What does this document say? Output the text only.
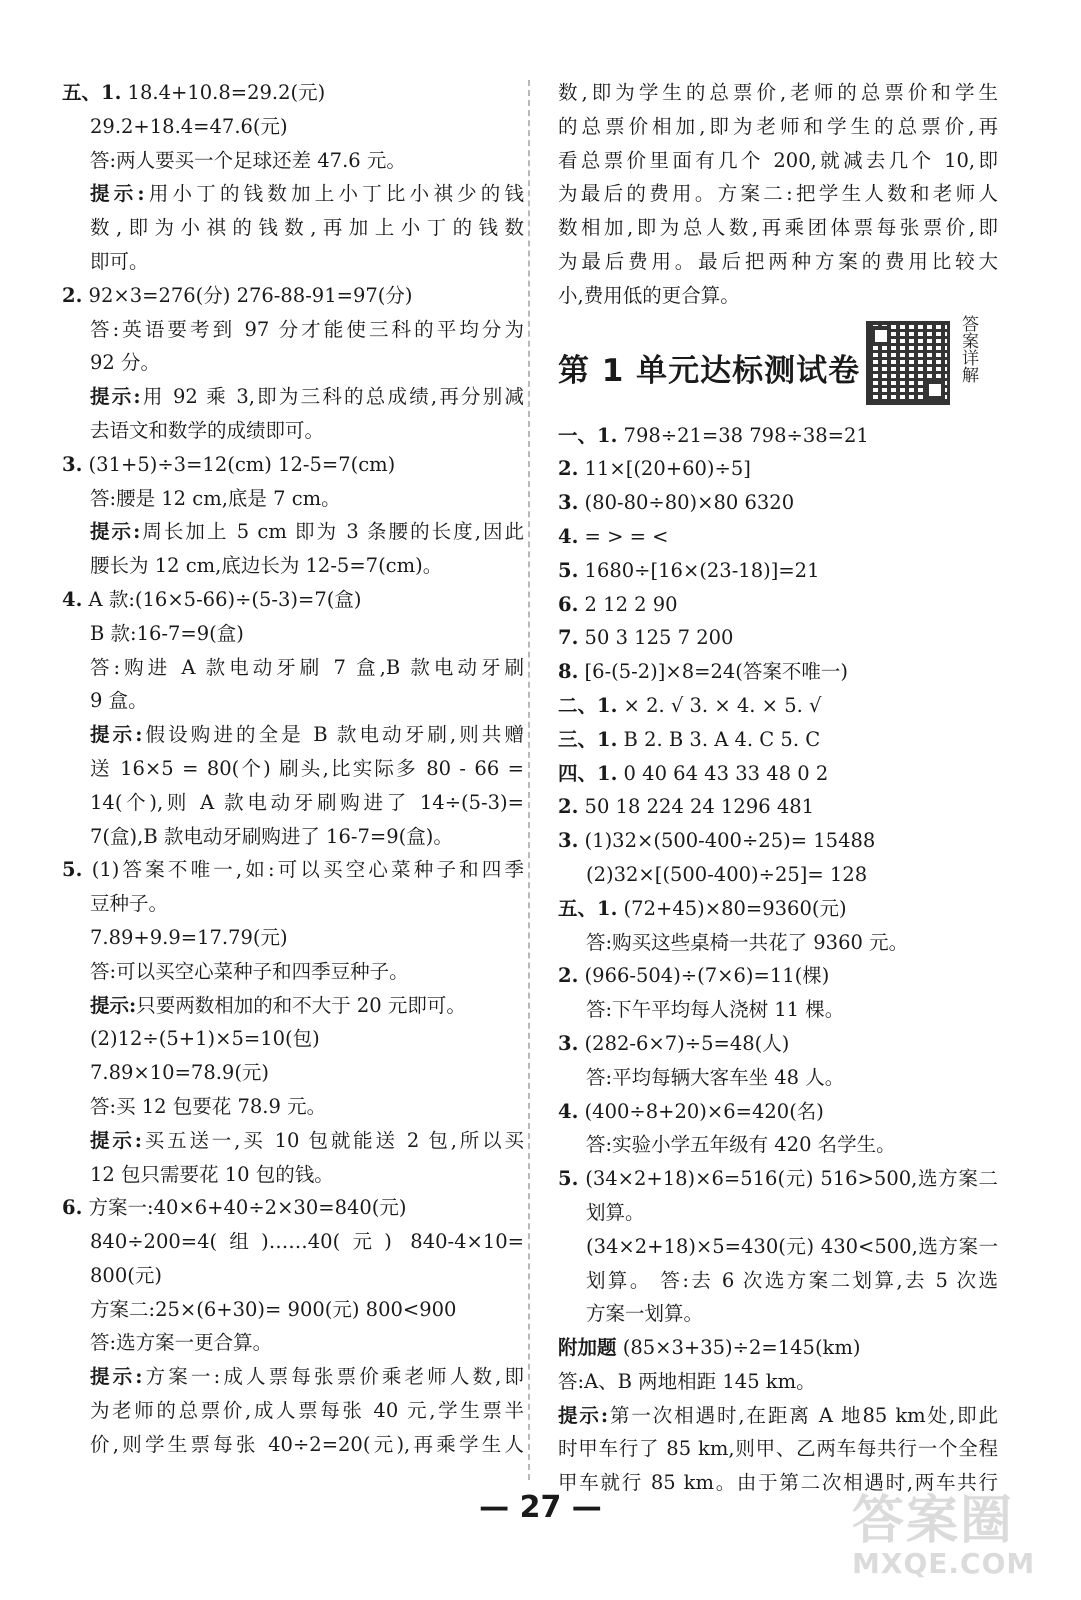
五、1. 18.4+10.8=29.2(元)
29.2+18.4=47.6(元)
答:两人要买一个足球还差 47.6 元。
提示:用小丁的钱数加上小丁比小祺少的钱
数,即为小祺的钱数,再加上小丁的钱数
即可。
2. 92×3=276(分) 276-88-91=97(分)
答:英语要考到 97 分才能使三科的平均分为
92 分。
提示:用 92 乘 3,即为三科的总成绩,再分别减
去语文和数学的成绩即可。
3. (31+5)÷3=12(cm) 12-5=7(cm)
答:腰是 12 cm,底是 7 cm。
提示:周长加上 5 cm 即为 3 条腰的长度,因此
腰长为 12 cm,底边长为 12-5=7(cm)。
4. A 款:(16×5-66)÷(5-3)=7(盒)
B 款:16-7=9(盒)
答:购进 A 款电动牙刷 7 盒,B 款电动牙刷
9 盒。
提示:假设购进的全是 B 款电动牙刷,则共赠
送 16×5 = 80(个) 刷头,比实际多 80 - 66 =
14(个),则 A 款电动牙刷购进了 14÷(5-3)=
7(盒),B 款电动牙刷购进了 16-7=9(盒)。
5. (1)答案不唯一,如:可以买空心菜种子和四季
豆种子。
7.89+9.9=17.79(元)
答:可以买空心菜种子和四季豆种子。
提示:只要两数相加的和不大于 20 元即可。
(2)12÷(5+1)×5=10(包)
7.89×10=78.9(元)
答:买 12 包要花 78.9 元。
提示:买五送一,买 10 包就能送 2 包,所以买
12 包只需要花 10 包的钱。
6. 方案一:40×6+40÷2×30=840(元)
840÷200=4(组)……40(元) 840-4×10=
800(元)
方案二:25×(6+30)= 900(元) 800<900
答:选方案一更合算。
提示:方案一:成人票每张票价乘老师人数,即
为老师的总票价,成人票每张 40 元,学生票半
价,则学生票每张 40÷2=20(元),再乘学生人
数,即为学生的总票价,老师的总票价和学生
的总票价相加,即为老师和学生的总票价,再
看总票价里面有几个 200,就减去几个 10,即
为最后的费用。方案二:把学生人数和老师人
数相加,即为总人数,再乘团体票每张票价,即
为最后费用。最后把两种方案的费用比较大
小,费用低的更合算。
第 1 单元达标测试卷	答案详解
一、1. 798÷21=38 798÷38=21
2. 11×[(20+60)÷5]
3. (80-80÷80)×80 6320
4. = > = <
5. 1680÷[16×(23-18)]=21
6. 2 12 2 90
7. 50 3 125 7 200
8. [6-(5-2)]×8=24(答案不唯一)
二、1. × 2. √ 3. × 4. × 5. √
三、1. B 2. B 3. A 4. C 5. C
四、1. 0 40 64 43 33 48 0 2
2. 50 18 224 24 1296 481
3. (1)32×(500-400÷25)= 15488
(2)32×[(500-400)÷25]= 128
五、1. (72+45)×80=9360(元)
答:购买这些桌椅一共花了 9360 元。
2. (966-504)÷(7×6)=11(棵)
答:下午平均每人浇树 11 棵。
3. (282-6×7)÷5=48(人)
答:平均每辆大客车坐 48 人。
4. (400÷8+20)×6=420(名)
答:实验小学五年级有 420 名学生。
5. (34×2+18)×6=516(元) 516>500,选方案二
划算。
(34×2+18)×5=430(元) 430<500,选方案一
划算。 答:去 6 次选方案二划算,去 5 次选
方案一划算。
附加题 (85×3+35)÷2=145(km)
答:A、B 两地相距 145 km。
提示:第一次相遇时,在距离 A 地85 km处,即此
时甲车行了 85 km,则甲、乙两车每共行一个全程
甲车就行 85 km。由于第二次相遇时,两车共行
— 27 —	答案圈
MXQE.COM
